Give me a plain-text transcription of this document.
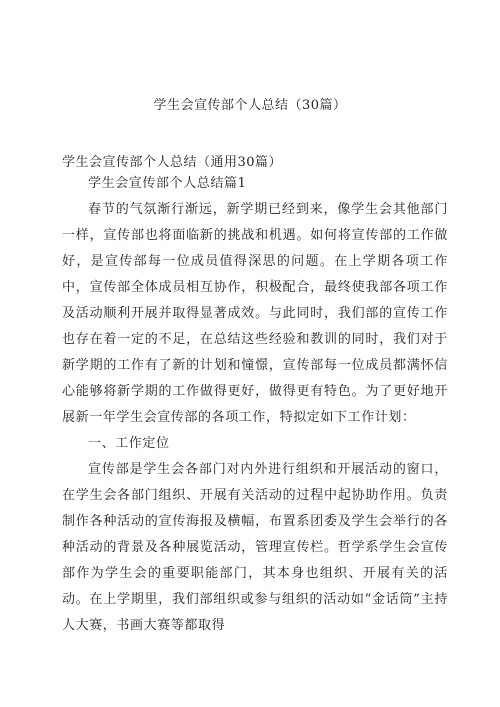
学生会宣传部个人总结（30篇）
学生会宣传部个人总结（通用30篇）

学生会宣传部个人总结篇1

春节的气氛渐行渐远，新学期已经到来，像学生会其他部门一样，宣传部也将面临新的挑战和机遇。如何将宣传部的工作做好，是宣传部每一位成员值得深思的问题。在上学期各项工作中，宣传部全体成员相互协作，积极配合，最终使我部各项工作及活动顺利开展并取得显著成效。与此同时，我们部的宣传工作也存在着一定的不足，在总结这些经验和教训的同时，我们对于新学期的工作有了新的计划和憧憬，宣传部每一位成员都满怀信心能够将新学期的工作做得更好，做得更有特色。为了更好地开展新一年学生会宣传部的各项工作，特拟定如下工作计划：

一、工作定位

宣传部是学生会各部门对内外进行组织和开展活动的窗口，在学生会各部门组织、开展有关活动的过程中起协助作用。负责制作各种活动的宣传海报及横幅，布置系团委及学生会举行的各种活动的背景及各种展览活动，管理宣传栏。哲学系学生会宣传部作为学生会的重要职能部门，其本身也组织、开展有关的活动。在上学期里，我们部组织或参与组织的活动如“金话筒”主持人大赛，书画大赛等都取得
